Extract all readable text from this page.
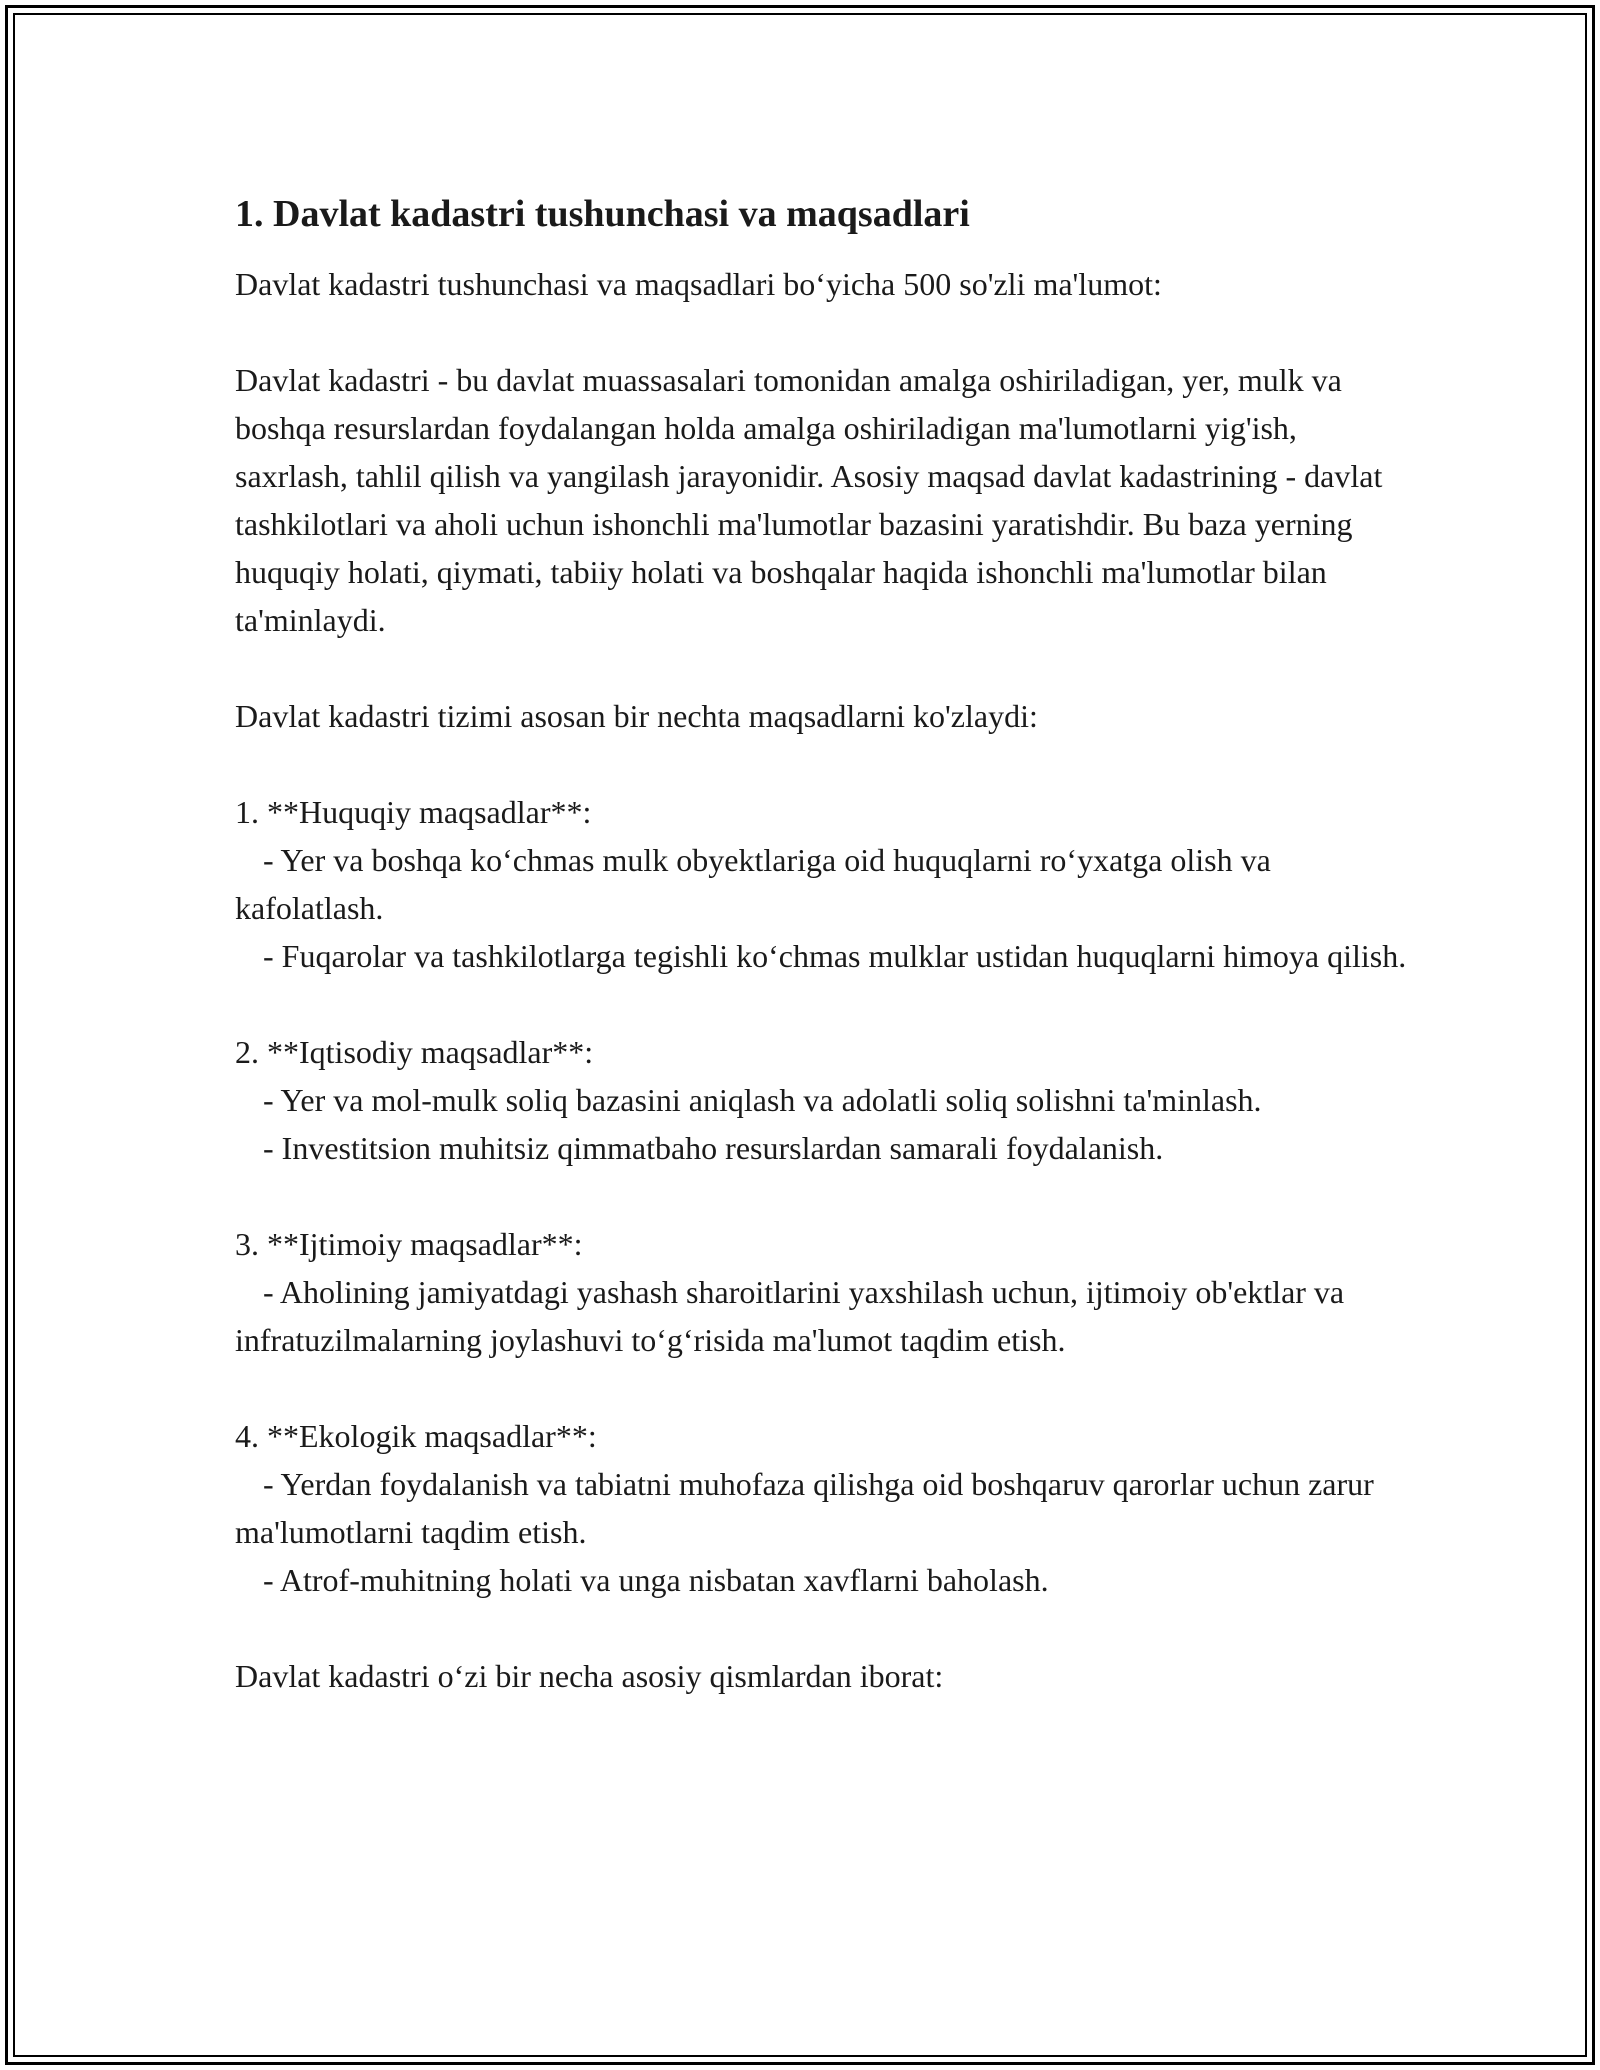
1. Davlat kadastri tushunchasi va maqsadlari

Davlat kadastri tushunchasi va maqsadlari bo‘yicha 500 so'zli ma'lumot:

Davlat kadastri - bu davlat muassasalari tomonidan amalga oshiriladigan, yer, mulk va boshqa resurslardan foydalangan holda amalga oshiriladigan ma'lumotlarni yig'ish, saxrlash, tahlil qilish va yangilash jarayonidir. Asosiy maqsad davlat kadastrining - davlat tashkilotlari va aholi uchun ishonchli ma'lumotlar bazasini yaratishdir. Bu baza yerning huquqiy holati, qiymati, tabiiy holati va boshqalar haqida ishonchli ma'lumotlar bilan ta'minlaydi.

Davlat kadastri tizimi asosan bir nechta maqsadlarni ko'zlaydi:

1. **Huquqiy maqsadlar**:

- Yer va boshqa ko‘chmas mulk obyektlariga oid huquqlarni ro‘yxatga olish va kafolatlash.

- Fuqarolar va tashkilotlarga tegishli ko‘chmas mulklar ustidan huquqlarni himoya qilish.

2. **Iqtisodiy maqsadlar**:

- Yer va mol-mulk soliq bazasini aniqlash va adolatli soliq solishni ta'minlash.

- Investitsion muhitsiz qimmatbaho resurslardan samarali foydalanish.

3. **Ijtimoiy maqsadlar**:

- Aholining jamiyatdagi yashash sharoitlarini yaxshilash uchun, ijtimoiy ob'ektlar va infratuzilmalarning joylashuvi to‘g‘risida ma'lumot taqdim etish.

4. **Ekologik maqsadlar**:

- Yerdan foydalanish va tabiatni muhofaza qilishga oid boshqaruv qarorlar uchun zarur ma'lumotlarni taqdim etish.

- Atrof-muhitning holati va unga nisbatan xavflarni baholash.

Davlat kadastri o‘zi bir necha asosiy qismlardan iborat:
